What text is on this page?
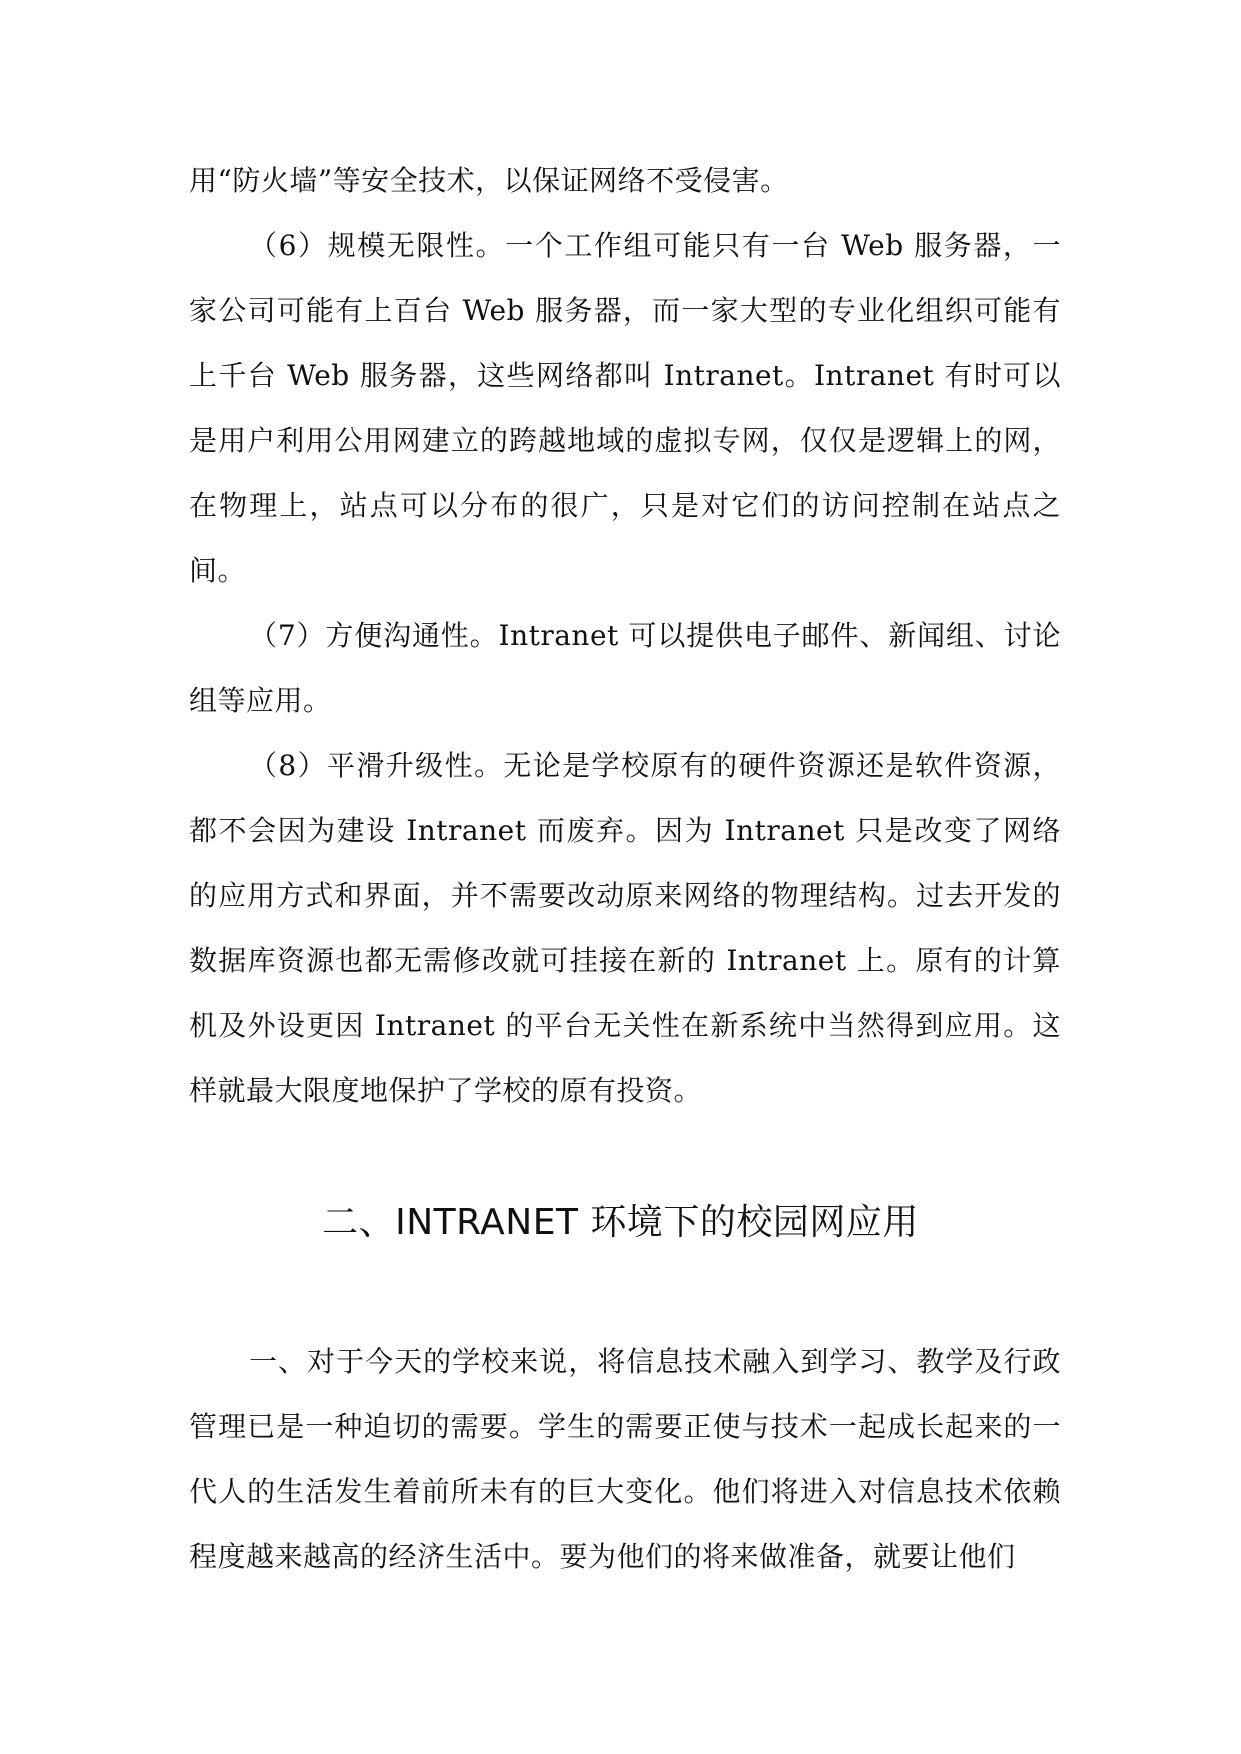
用“防火墙”等安全技术，以保证网络不受侵害。

（6）规模无限性。一个工作组可能只有一台 Web 服务器，一家公司可能有上百台 Web 服务器，而一家大型的专业化组织可能有上千台 Web 服务器，这些网络都叫 Intranet。Intranet 有时可以是用户利用公用网建立的跨越地域的虚拟专网，仅仅是逻辑上的网，在物理上，站点可以分布的很广，只是对它们的访问控制在站点之间。

（7）方便沟通性。Intranet 可以提供电子邮件、新闻组、讨论组等应用。

（8）平滑升级性。无论是学校原有的硬件资源还是软件资源，都不会因为建设 Intranet 而废弃。因为 Intranet 只是改变了网络的应用方式和界面，并不需要改动原来网络的物理结构。过去开发的数据库资源也都无需修改就可挂接在新的 Intranet 上。原有的计算机及外设更因 Intranet 的平台无关性在新系统中当然得到应用。这样就最大限度地保护了学校的原有投资。

二、INTRANET 环境下的校园网应用

一、对于今天的学校来说，将信息技术融入到学习、教学及行政管理已是一种迫切的需要。学生的需要正使与技术一起成长起来的一代人的生活发生着前所未有的巨大变化。他们将进入对信息技术依赖程度越来越高的经济生活中。要为他们的将来做准备，就要让他们
